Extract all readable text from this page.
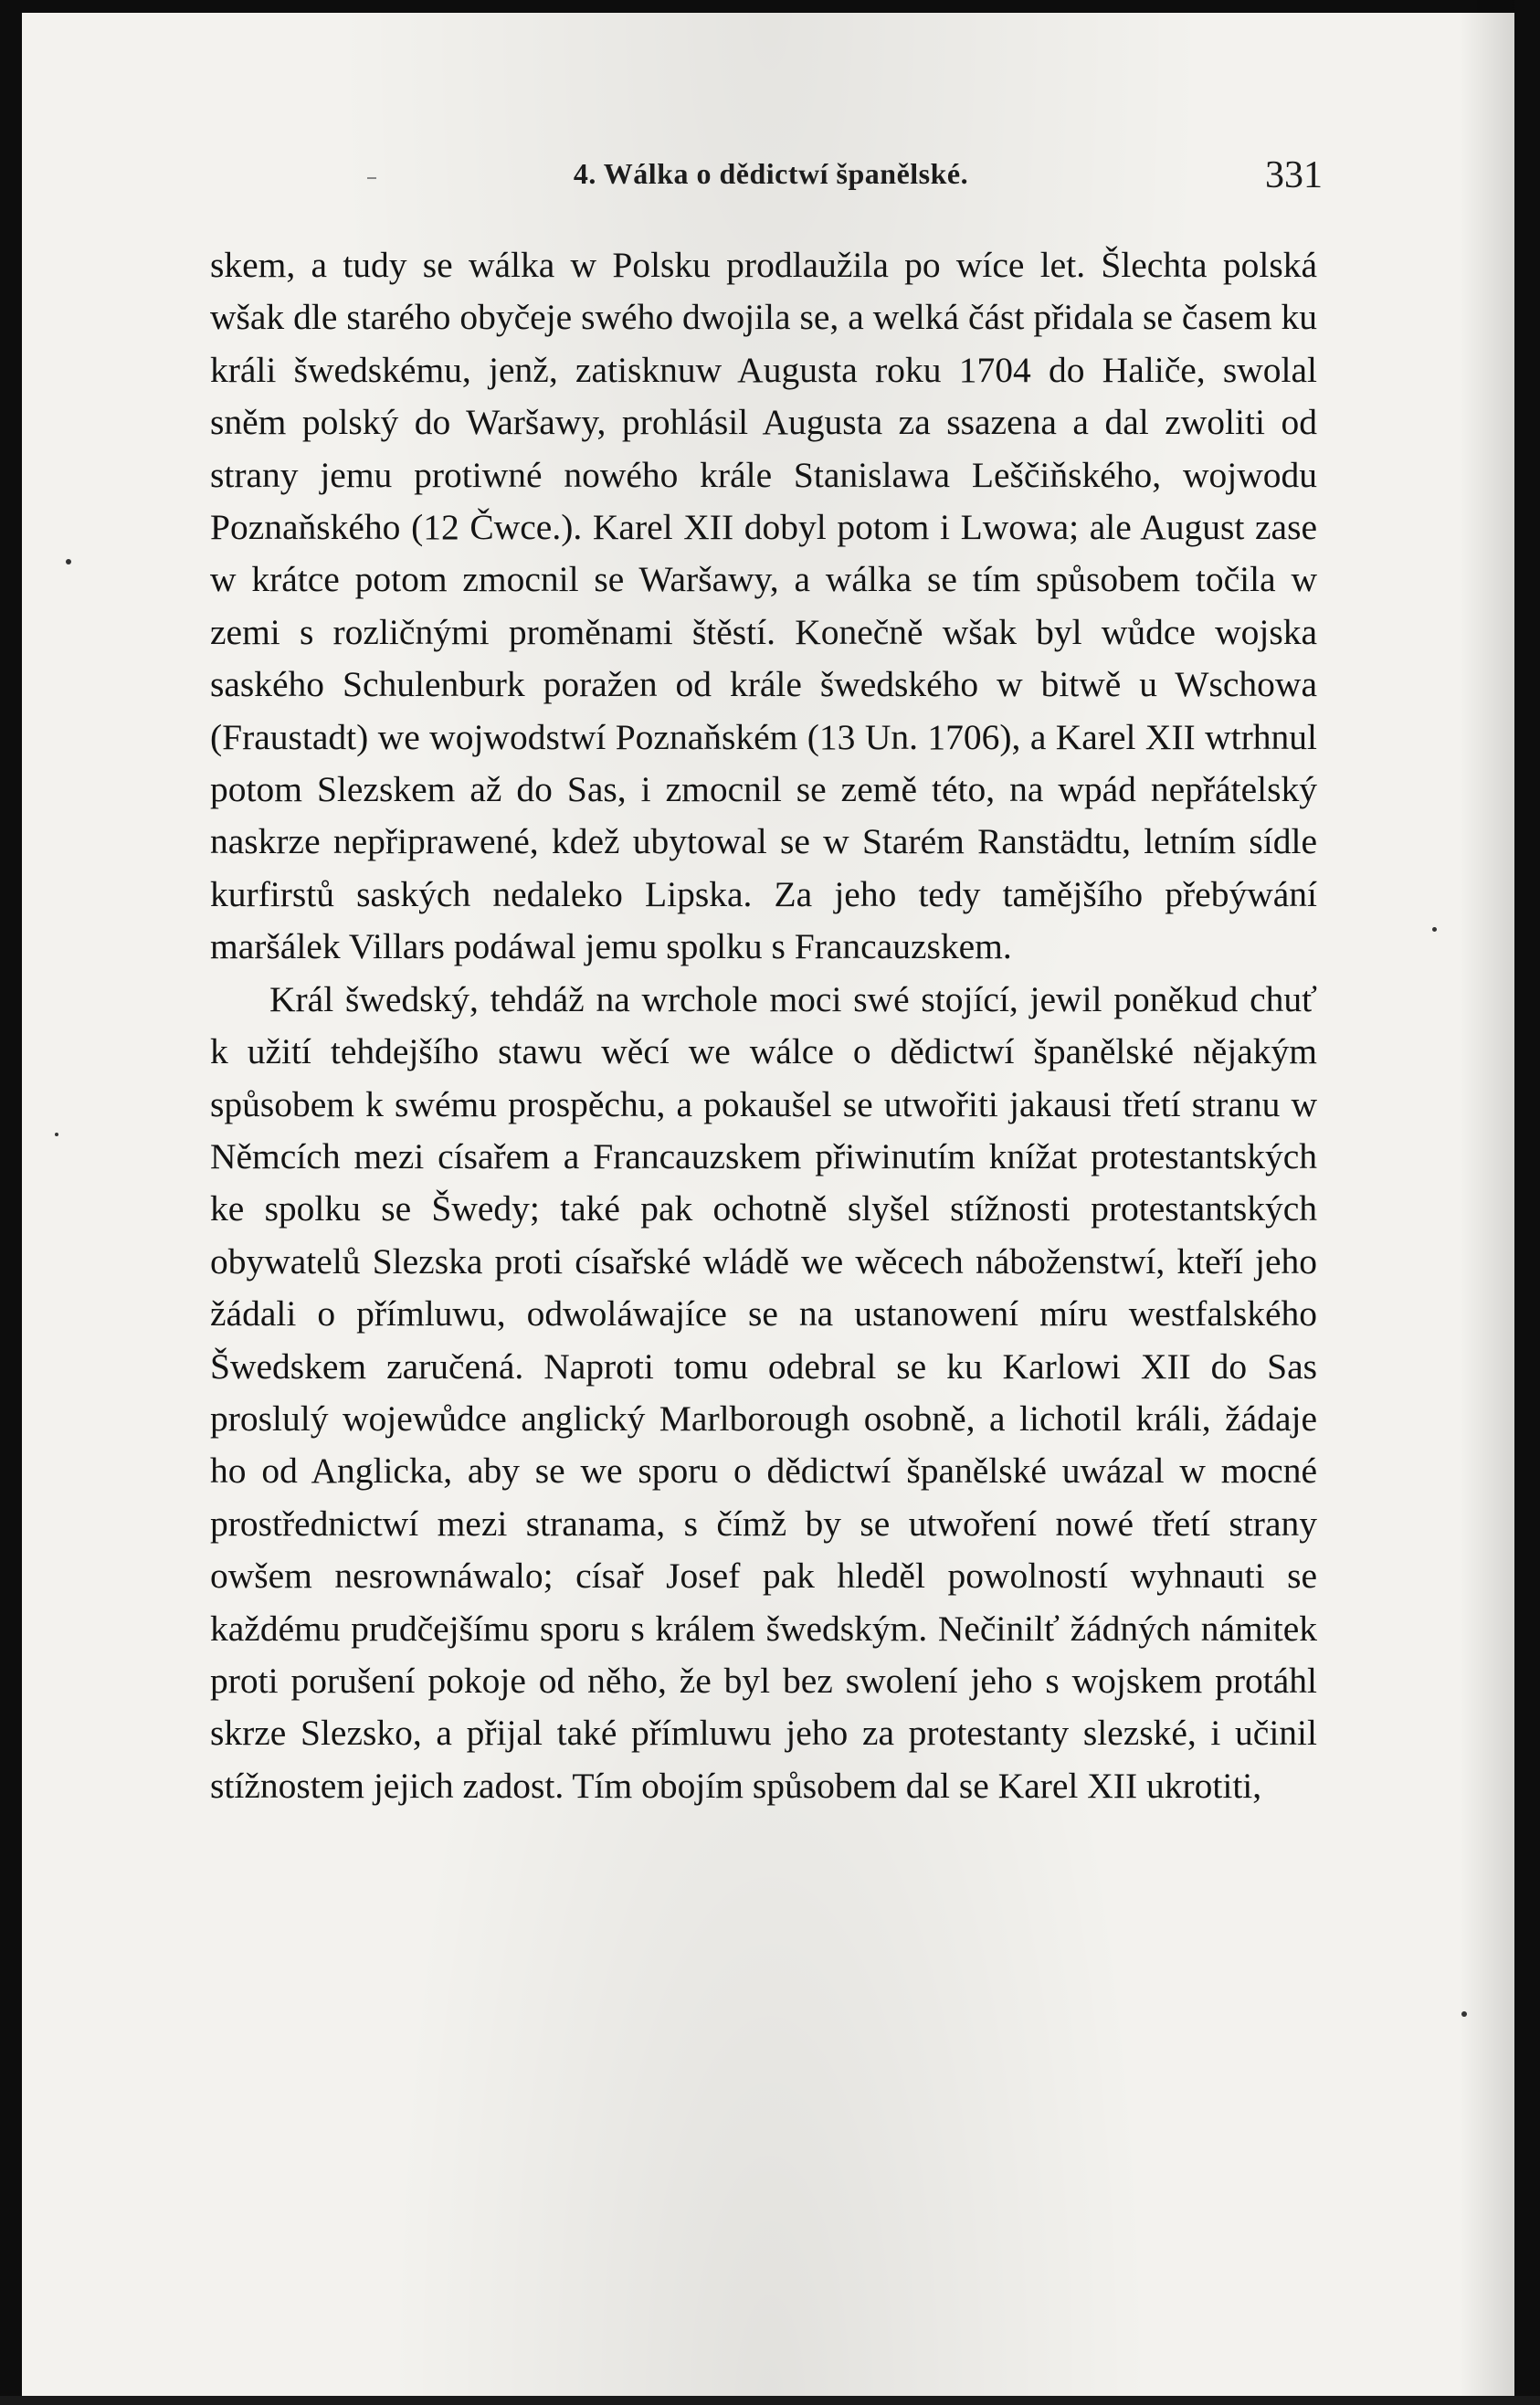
4. Wálka o dědictwí španělské.	331

skem, a tudy se wálka w Polsku prodlaužila po wíce let. Šlechta polská wšak dle starého obyčeje swého dwojila se, a welká část přidala se časem ku králi šwedskému, jenž, zatisknuw Augusta roku 1704 do Haliče, swolal sněm polský do Waršawy, prohlásil Augusta za ssazena a dal zwoliti od strany jemu protiwné nowého krále Stanislawa Leščiňského, wojwodu Poznaňského (12 Čwce.). Karel XII dobyl potom i Lwowa; ale August zase w krátce potom zmocnil se Waršawy, a wálka se tím spůsobem točila w zemi s rozličnými proměnami štěstí. Konečně wšak byl wůdce wojska saského Schulenburk poražen od krále šwedského w bitwě u Wschowa (Fraustadt) we wojwodstwí Poznaňském (13 Un. 1706), a Karel XII wtrhnul potom Slezskem až do Sas, i zmocnil se země této, na wpád nepřátelský naskrze nepřiprawené, kdež ubytowal se w Starém Ranstädtu, letním sídle kurfirstů saských nedaleko Lipska. Za jeho tedy tamějšího přebýwání maršálek Villars podáwal jemu spolku s Francauzskem.

Král šwedský, tehdáž na wrchole moci swé stojící, jewil poněkud chuť k užití tehdejšího stawu wěcí we wálce o dědictwí španělské nějakým spůsobem k swému prospěchu, a pokaušel se utwořiti jakausi třetí stranu w Němcích mezi císařem a Francauzskem přiwinutím knížat protestantských ke spolku se Šwedy; také pak ochotně slyšel stížnosti protestantských obywatelů Slezska proti císařské wládě we wěcech náboženstwí, kteří jeho žádali o přímluwu, odwoláwajíce se na ustanowení míru westfalského Šwedskem zaručená. Naproti tomu odebral se ku Karlowi XII do Sas proslulý wojewůdce anglický Marlborough osobně, a lichotil králi, žádaje ho od Anglicka, aby se we sporu o dědictwí španělské uwázal w mocné prostřednictwí mezi stranama, s čímž by se utwoření nowé třetí strany owšem nesrownáwalo; císař Josef pak hleděl powolností wyhnauti se každému prudčejšímu sporu s králem šwedským. Nečinilť žádných námitek proti porušení pokoje od něho, že byl bez swolení jeho s wojskem protáhl skrze Slezsko, a přijal také přímluwu jeho za protestanty slezské, i učinil stížnostem jejich zadost. Tím obojím spůsobem dal se Karel XII ukrotiti,
